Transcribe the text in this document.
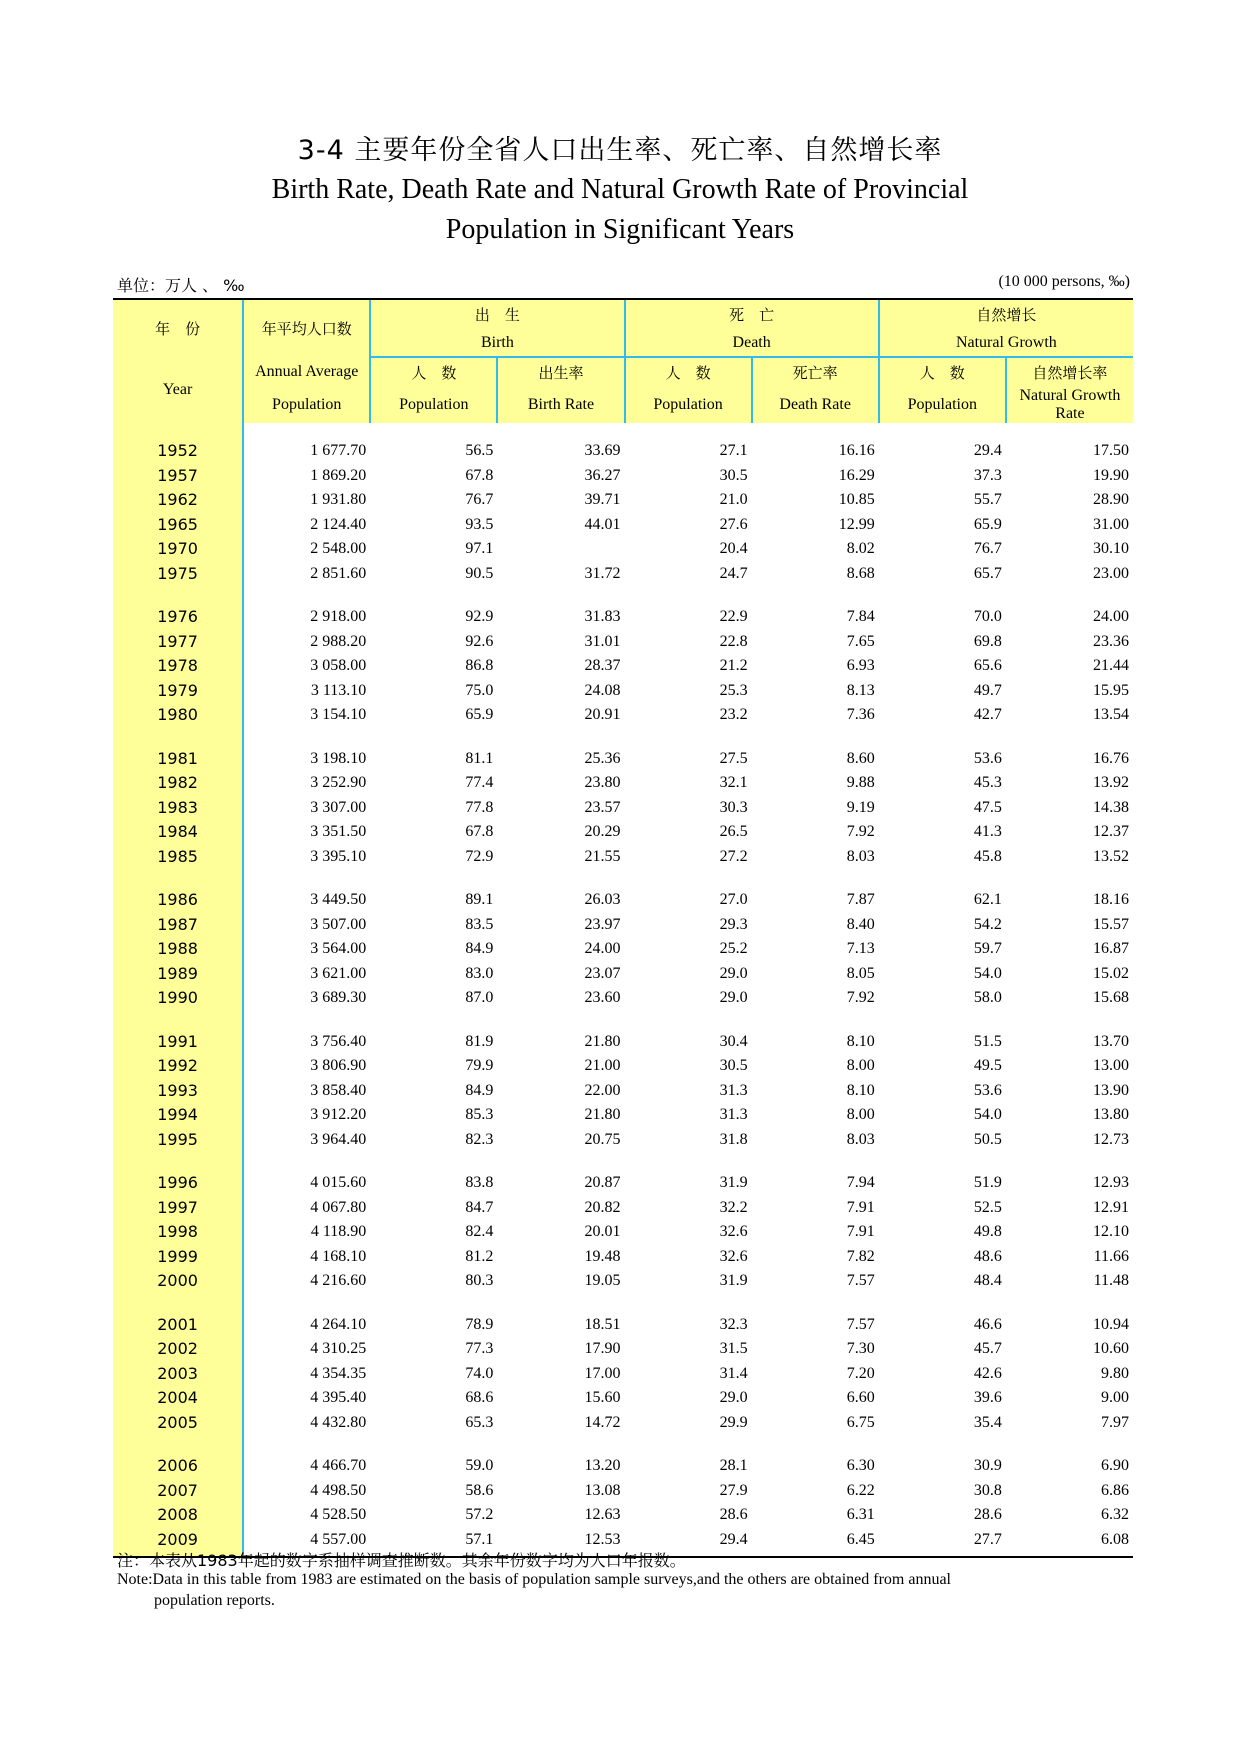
3-4 主要年份全省人口出生率、死亡率、自然增长率
Birth Rate, Death Rate and Natural Growth Rate of Provincial
Population in Significant Years
单位：万人 、 ‰	(10 000 persons, ‰)
年　份	年平均人口数	出　生		死　亡		自然增长	
		Birth		Death		Natural Growth	
Year	Annual Average	人　数	出生率	人　数	死亡率	人　数	自然增长率
	Population	Population	Birth Rate	Population	Death Rate	Population	Natural Growth Rate

1952	1 677.70	56.5	33.69	27.1	16.16	29.4	17.50
1957	1 869.20	67.8	36.27	30.5	16.29	37.3	19.90
1962	1 931.80	76.7	39.71	21.0	10.85	55.7	28.90
1965	2 124.40	93.5	44.01	27.6	12.99	65.9	31.00
1970	2 548.00	97.1		20.4	8.02	76.7	30.10
1975	2 851.60	90.5	31.72	24.7	8.68	65.7	23.00

1976	2 918.00	92.9	31.83	22.9	7.84	70.0	24.00
1977	2 988.20	92.6	31.01	22.8	7.65	69.8	23.36
1978	3 058.00	86.8	28.37	21.2	6.93	65.6	21.44
1979	3 113.10	75.0	24.08	25.3	8.13	49.7	15.95
1980	3 154.10	65.9	20.91	23.2	7.36	42.7	13.54

1981	3 198.10	81.1	25.36	27.5	8.60	53.6	16.76
1982	3 252.90	77.4	23.80	32.1	9.88	45.3	13.92
1983	3 307.00	77.8	23.57	30.3	9.19	47.5	14.38
1984	3 351.50	67.8	20.29	26.5	7.92	41.3	12.37
1985	3 395.10	72.9	21.55	27.2	8.03	45.8	13.52

1986	3 449.50	89.1	26.03	27.0	7.87	62.1	18.16
1987	3 507.00	83.5	23.97	29.3	8.40	54.2	15.57
1988	3 564.00	84.9	24.00	25.2	7.13	59.7	16.87
1989	3 621.00	83.0	23.07	29.0	8.05	54.0	15.02
1990	3 689.30	87.0	23.60	29.0	7.92	58.0	15.68

1991	3 756.40	81.9	21.80	30.4	8.10	51.5	13.70
1992	3 806.90	79.9	21.00	30.5	8.00	49.5	13.00
1993	3 858.40	84.9	22.00	31.3	8.10	53.6	13.90
1994	3 912.20	85.3	21.80	31.3	8.00	54.0	13.80
1995	3 964.40	82.3	20.75	31.8	8.03	50.5	12.73

1996	4 015.60	83.8	20.87	31.9	7.94	51.9	12.93
1997	4 067.80	84.7	20.82	32.2	7.91	52.5	12.91
1998	4 118.90	82.4	20.01	32.6	7.91	49.8	12.10
1999	4 168.10	81.2	19.48	32.6	7.82	48.6	11.66
2000	4 216.60	80.3	19.05	31.9	7.57	48.4	11.48

2001	4 264.10	78.9	18.51	32.3	7.57	46.6	10.94
2002	4 310.25	77.3	17.90	31.5	7.30	45.7	10.60
2003	4 354.35	74.0	17.00	31.4	7.20	42.6	9.80
2004	4 395.40	68.6	15.60	29.0	6.60	39.6	9.00
2005	4 432.80	65.3	14.72	29.9	6.75	35.4	7.97

2006	4 466.70	59.0	13.20	28.1	6.30	30.9	6.90
2007	4 498.50	58.6	13.08	27.9	6.22	30.8	6.86
2008	4 528.50	57.2	12.63	28.6	6.31	28.6	6.32
2009	4 557.00	57.1	12.53	29.4	6.45	27.7	6.08
注：本表从1983年起的数字系抽样调查推断数。其余年份数字均为人口年报数。
Note:Data in this table from 1983 are estimated on the basis of population sample surveys,and the others are obtained from annual
population reports.
